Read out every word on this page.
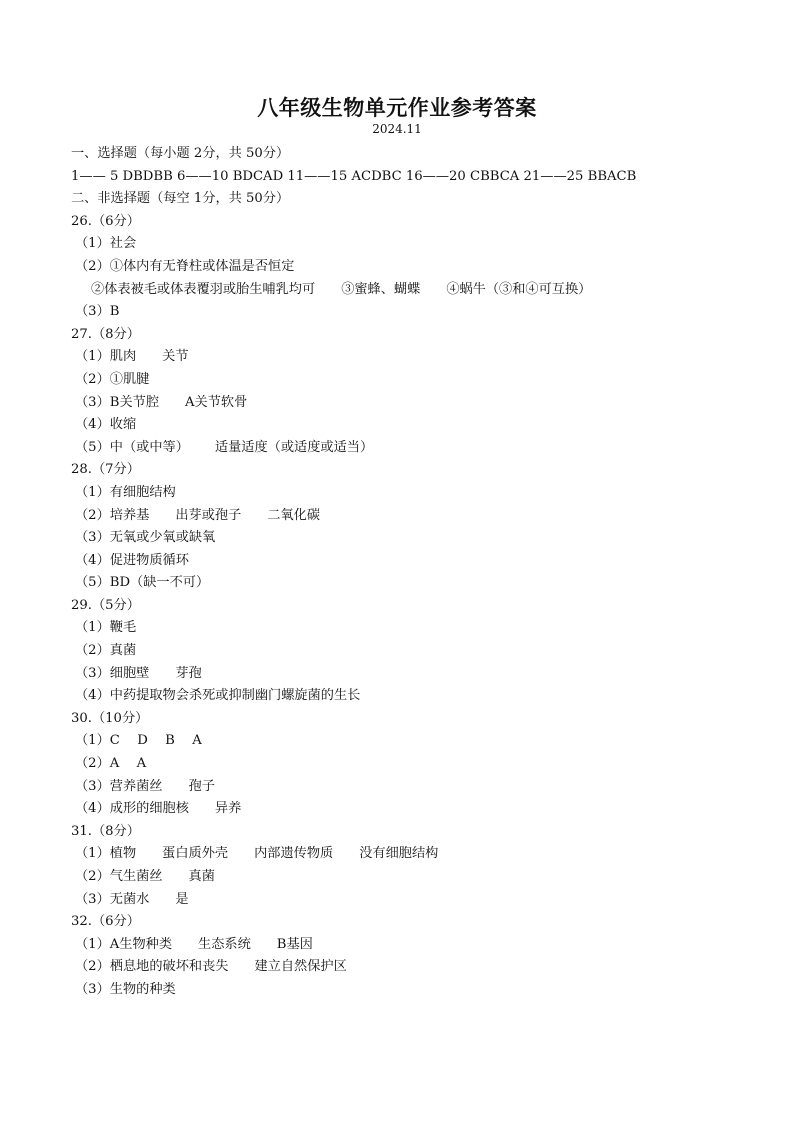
八年级生物单元作业参考答案
2024.11
一、选择题（每小题 2分，共 50分）
1—— 5 DBDBB 6——10 BDCAD 11——15 ACDBC 16——20 CBBCA 21——25 BBACB
二、非选择题（每空 1分，共 50分）
26.（6分）
（1）社会
（2）①体内有无脊柱或体温是否恒定
②体表被毛或体表覆羽或胎生哺乳均可 ③蜜蜂、蝴蝶 ④蜗牛（③和④可互换）
（3）B
27.（8分）
（1）肌肉 关节
（2）①肌腱
（3）B关节腔 A关节软骨
（4）收缩
（5）中（或中等） 适量适度（或适度或适当）
28.（7分）
（1）有细胞结构
（2）培养基 出芽或孢子 二氧化碳
（3）无氧或少氧或缺氧
（4）促进物质循环
（5）BD（缺一不可）
29.（5分）
（1）鞭毛
（2）真菌
（3）细胞壁 芽孢
（4）中药提取物会杀死或抑制幽门螺旋菌的生长
30.（10分）
（1）C　 D　 B　 A
（2）A　 A
（3）营养菌丝 孢子
（4）成形的细胞核 异养
31.（8分）
（1）植物 蛋白质外壳 内部遗传物质 没有细胞结构
（2）气生菌丝 真菌
（3）无菌水 是
32.（6分）
（1）A生物种类 生态系统 B基因
（2）栖息地的破坏和丧失 建立自然保护区
（3）生物的种类
